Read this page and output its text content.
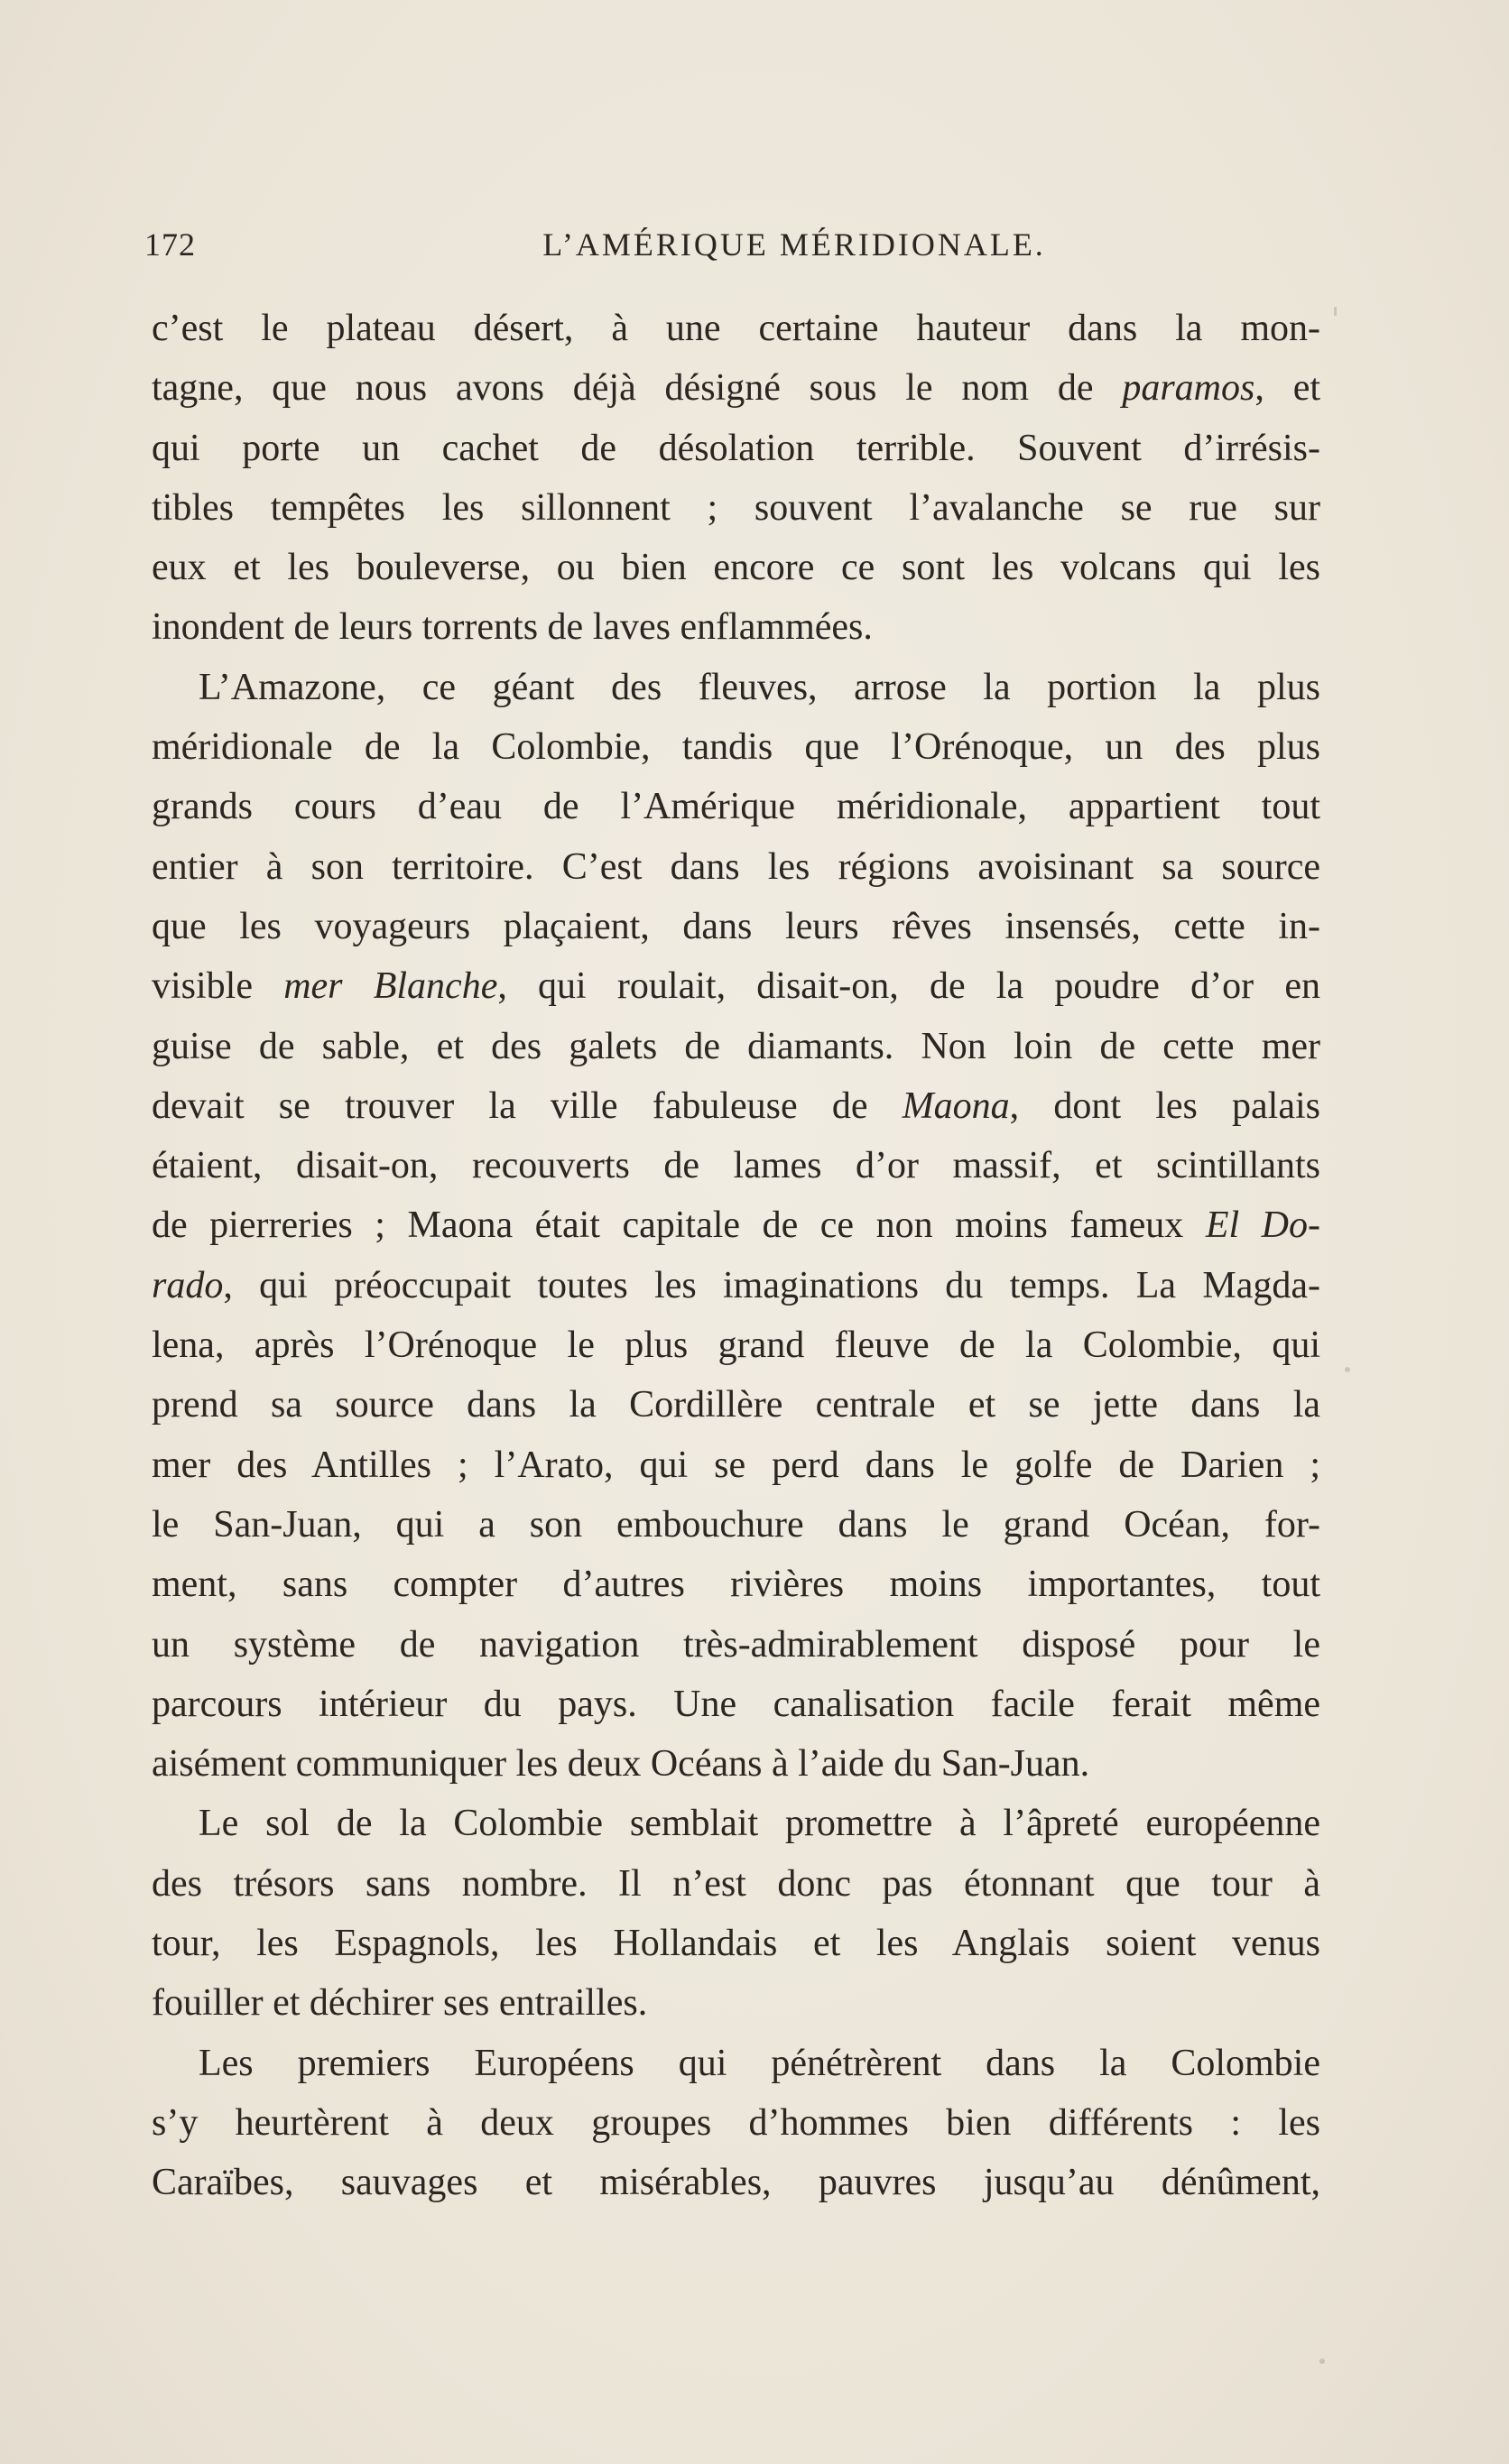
172	L’AMÉRIQUE MÉRIDIONALE.
c’est le plateau désert, à une certaine hauteur dans la mon-
tagne, que nous avons déjà désigné sous le nom de paramos, et
qui porte un cachet de désolation terrible. Souvent d’irrésis-
tibles tempêtes les sillonnent ; souvent l’avalanche se rue sur
eux et les bouleverse, ou bien encore ce sont les volcans qui les
inondent de leurs torrents de laves enflammées.
L’Amazone, ce géant des fleuves, arrose la portion la plus
méridionale de la Colombie, tandis que l’Orénoque, un des plus
grands cours d’eau de l’Amérique méridionale, appartient tout
entier à son territoire. C’est dans les régions avoisinant sa source
que les voyageurs plaçaient, dans leurs rêves insensés, cette in-
visible mer Blanche, qui roulait, disait-on, de la poudre d’or en
guise de sable, et des galets de diamants. Non loin de cette mer
devait se trouver la ville fabuleuse de Maona, dont les palais
étaient, disait-on, recouverts de lames d’or massif, et scintillants
de pierreries ; Maona était capitale de ce non moins fameux El Do-
rado, qui préoccupait toutes les imaginations du temps. La Magda-
lena, après l’Orénoque le plus grand fleuve de la Colombie, qui
prend sa source dans la Cordillère centrale et se jette dans la
mer des Antilles ; l’Arato, qui se perd dans le golfe de Darien ;
le San-Juan, qui a son embouchure dans le grand Océan, for-
ment, sans compter d’autres rivières moins importantes, tout
un système de navigation très-admirablement disposé pour le
parcours intérieur du pays. Une canalisation facile ferait même
aisément communiquer les deux Océans à l’aide du San-Juan.
Le sol de la Colombie semblait promettre à l’âpreté européenne
des trésors sans nombre. Il n’est donc pas étonnant que tour à
tour, les Espagnols, les Hollandais et les Anglais soient venus
fouiller et déchirer ses entrailles.
Les premiers Européens qui pénétrèrent dans la Colombie
s’y heurtèrent à deux groupes d’hommes bien différents : les
Caraïbes, sauvages et misérables, pauvres jusqu’au dénûment,
